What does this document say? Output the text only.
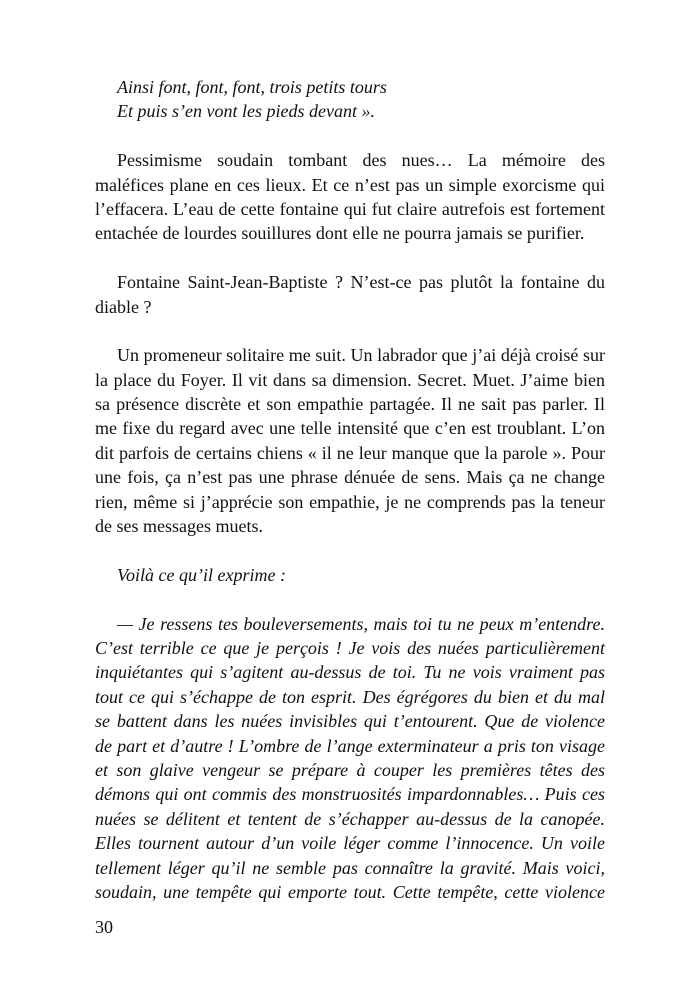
Ainsi font, font, font, trois petits tours
Et puis s’en vont les pieds devant ».
Pessimisme soudain tombant des nues… La mémoire des
maléfices plane en ces lieux. Et ce n’est pas un simple exorcisme qui
l’effacera. L’eau de cette fontaine qui fut claire autrefois est fortement
entachée de lourdes souillures dont elle ne pourra jamais se purifier.
Fontaine Saint-Jean-Baptiste ? N’est-ce pas plutôt la fontaine du
diable ?
Un promeneur solitaire me suit. Un labrador que j’ai déjà croisé sur
la place du Foyer. Il vit dans sa dimension. Secret. Muet. J’aime bien
sa présence discrète et son empathie partagée. Il ne sait pas parler. Il
me fixe du regard avec une telle intensité que c’en est troublant. L’on
dit parfois de certains chiens « il ne leur manque que la parole ». Pour
une fois, ça n’est pas une phrase dénuée de sens. Mais ça ne change
rien, même si j’apprécie son empathie, je ne comprends pas la teneur
de ses messages muets.
Voilà ce qu’il exprime :
— Je ressens tes bouleversements, mais toi tu ne peux m’entendre.
C’est terrible ce que je perçois ! Je vois des nuées particulièrement
inquiétantes qui s’agitent au-dessus de toi. Tu ne vois vraiment pas
tout ce qui s’échappe de ton esprit. Des égrégores du bien et du mal
se battent dans les nuées invisibles qui t’entourent. Que de violence
de part et d’autre ! L’ombre de l’ange exterminateur a pris ton visage
et son glaive vengeur se prépare à couper les premières têtes des
démons qui ont commis des monstruosités impardonnables… Puis ces
nuées se délitent et tentent de s’échapper au-dessus de la canopée.
Elles tournent autour d’un voile léger comme l’innocence. Un voile
tellement léger qu’il ne semble pas connaître la gravité. Mais voici,
soudain, une tempête qui emporte tout. Cette tempête, cette violence
30
